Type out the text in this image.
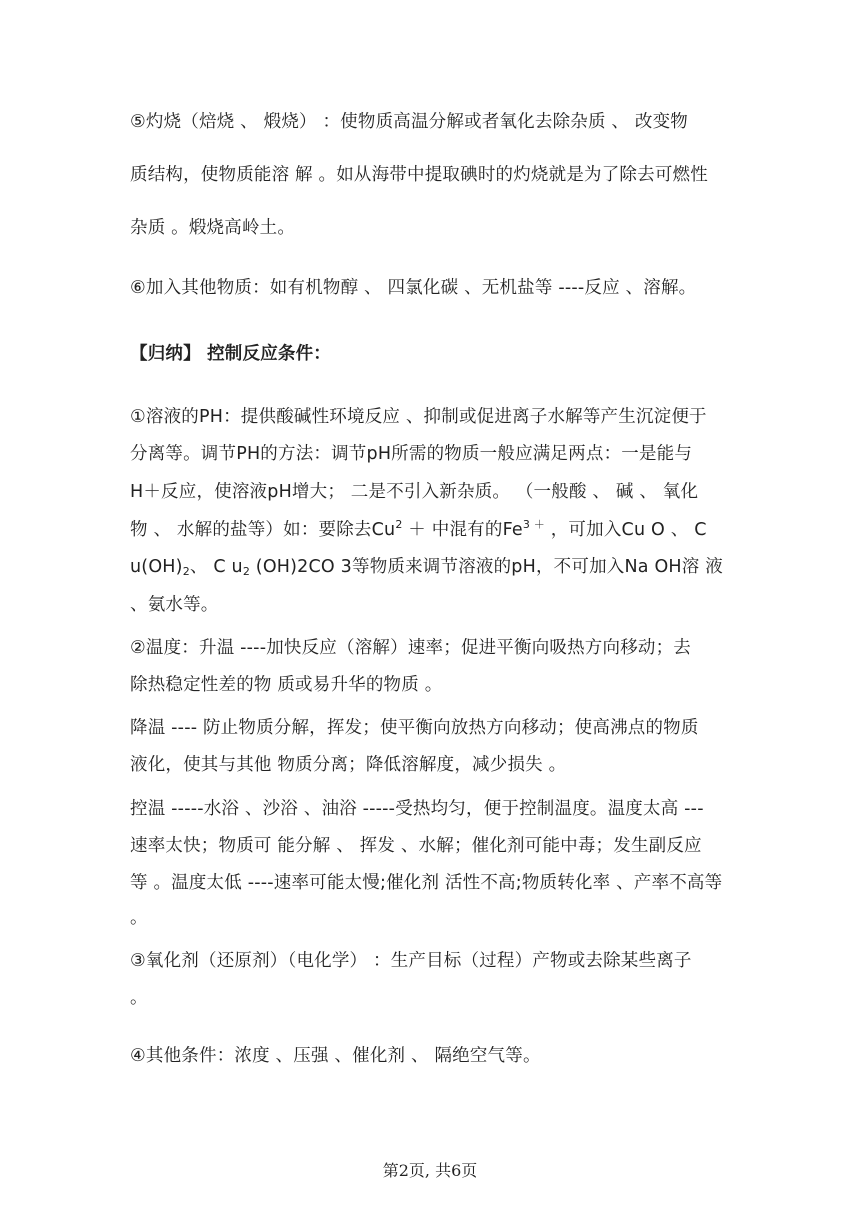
⑤灼烧（焙烧 、 煅烧） ：使物质高温分解或者氧化去除杂质 、 改变物
质结构，使物质能溶 解 。如从海带中提取碘时的灼烧就是为了除去可燃性
杂质 。煅烧高岭土。
⑥加入其他物质：如有机物醇 、 四氯化碳 、无机盐等 ----反应 、溶解。
【归纳】 控制反应条件：
①溶液的PH：提供酸碱性环境反应 、抑制或促进离子水解等产生沉淀便于
分离等。调节PH的方法：调节pH所需的物质一般应满足两点：一是能与
H＋反应，使溶液pH增大； 二是不引入新杂质。 （一般酸 、 碱 、 氧化
物 、 水解的盐等）如：要除去$Cu^2$ ＋ 中混有的$Fe^{3 +}$ ，可加入Cu O 、 C
$u(OH)_2$、 C $u_2$ (OH)2CO 3等物质来调节溶液的pH，不可加入Na OH溶 液
、氨水等。
②温度：升温 ----加快反应（溶解）速率；促进平衡向吸热方向移动；去
除热稳定性差的物 质或易升华的物质 。
降温 ---- 防止物质分解，挥发；使平衡向放热方向移动；使高沸点的物质
液化，使其与其他 物质分离；降低溶解度，减少损失 。
控温 -----水浴 、沙浴 、油浴 -----受热均匀，便于控制温度。温度太高 ---
速率太快；物质可 能分解 、 挥发 、水解；催化剂可能中毒；发生副反应
等 。温度太低 ----速率可能太慢;催化剂 活性不高;物质转化率 、产率不高等
。
③氧化剂（还原剂）（电化学） ：生产目标（过程）产物或去除某些离子
。
④其他条件：浓度 、压强 、催化剂 、 隔绝空气等。
第2页, 共6页
